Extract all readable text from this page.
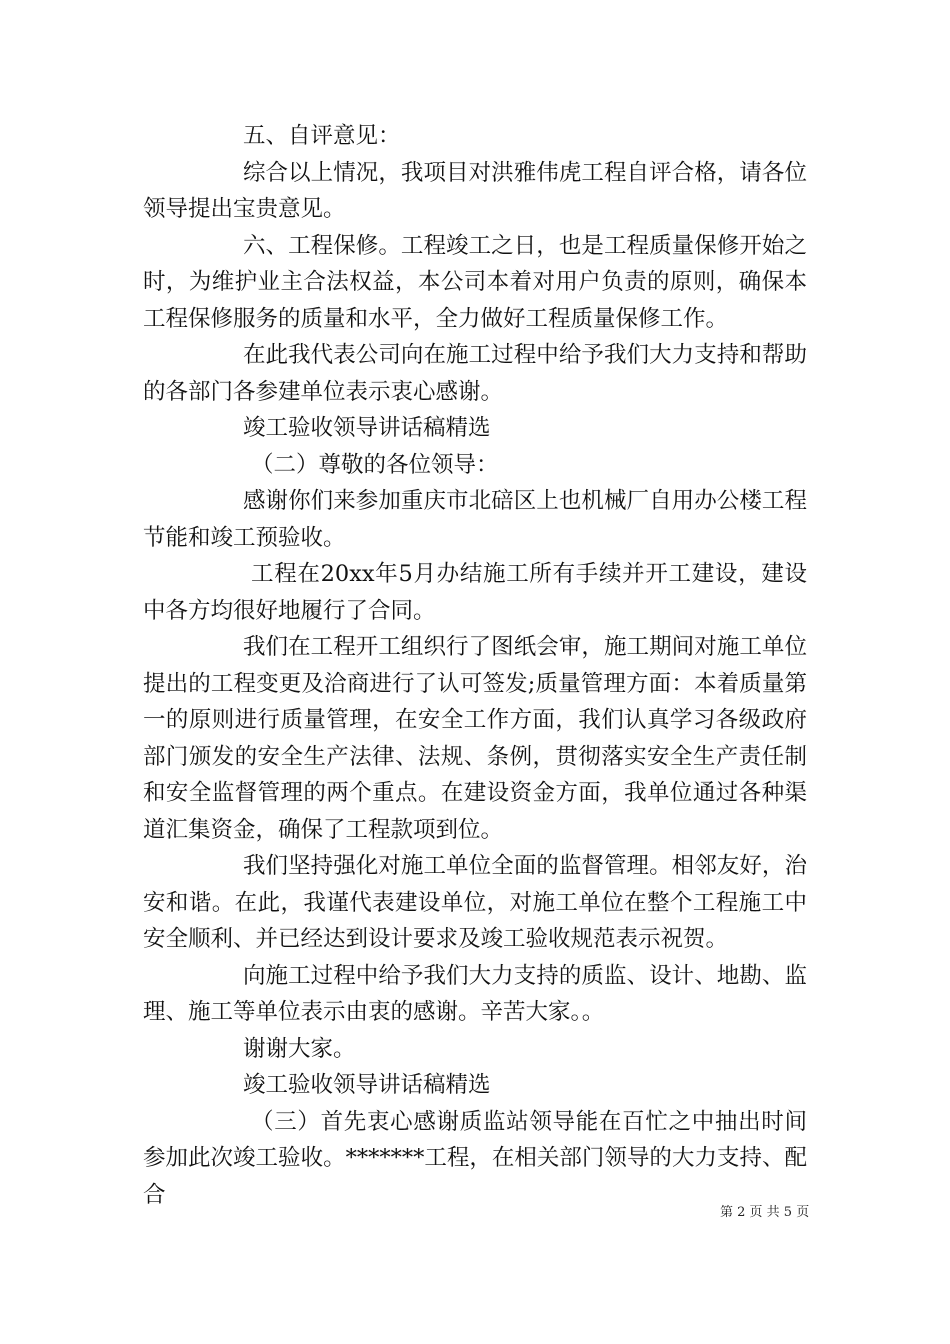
五、自评意见：

综合以上情况，我项目对洪雅伟虎工程自评合格，请各位领导提出宝贵意见。

六、工程保修。工程竣工之日，也是工程质量保修开始之时，为维护业主合法权益，本公司本着对用户负责的原则，确保本工程保修服务的质量和水平，全力做好工程质量保修工作。

在此我代表公司向在施工过程中给予我们大力支持和帮助的各部门各参建单位表示衷心感谢。

竣工验收领导讲话稿精选

（二）尊敬的各位领导：

感谢你们来参加重庆市北碚区上也机械厂自用办公楼工程节能和竣工预验收。

工程在20xx年5月办结施工所有手续并开工建设，建设中各方均很好地履行了合同。

我们在工程开工组织行了图纸会审，施工期间对施工单位提出的工程变更及洽商进行了认可签发;质量管理方面：本着质量第一的原则进行质量管理，在安全工作方面，我们认真学习各级政府部门颁发的安全生产法律、法规、条例，贯彻落实安全生产责任制和安全监督管理的两个重点。在建设资金方面，我单位通过各种渠道汇集资金，确保了工程款项到位。

我们坚持强化对施工单位全面的监督管理。相邻友好，治安和谐。在此，我谨代表建设单位，对施工单位在整个工程施工中安全顺利、并已经达到设计要求及竣工验收规范表示祝贺。

向施工过程中给予我们大力支持的质监、设计、地勘、监理、施工等单位表示由衷的感谢。辛苦大家。。

谢谢大家。

竣工验收领导讲话稿精选

（三）首先衷心感谢质监站领导能在百忙之中抽出时间参加此次竣工验收。*******工程，在相关部门领导的大力支持、配合

第 2 页 共 5 页
